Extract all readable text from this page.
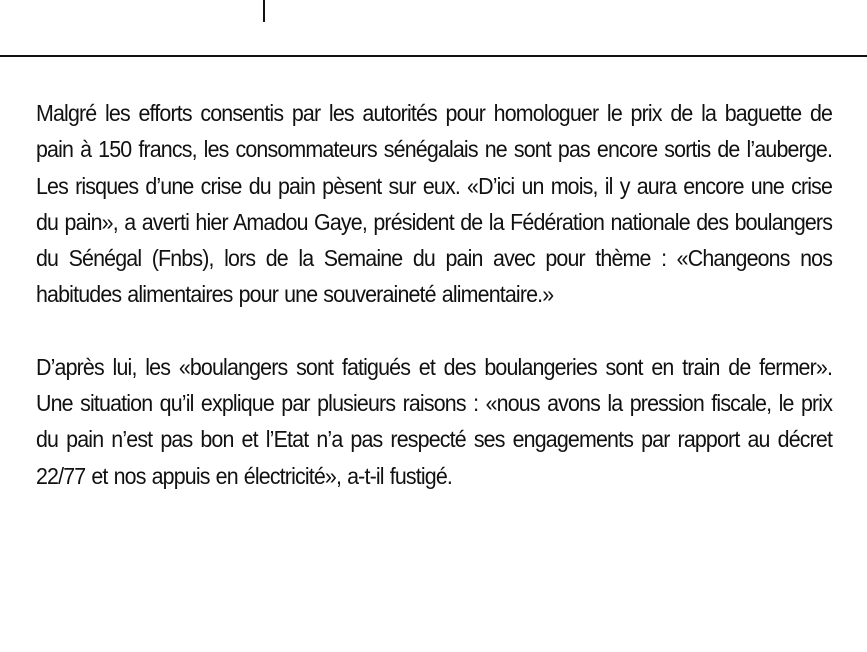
Malgré les efforts consentis par les autorités pour homologuer le prix de la baguette de pain à 150 francs, les consommateurs sénégalais ne sont pas encore sortis de l’auberge. Les risques d’une crise du pain pèsent sur eux. «D’ici un mois, il y aura encore une crise du pain», a averti hier Amadou Gaye, président de la Fédération nationale des boulangers du Sénégal (Fnbs), lors de la Semaine du pain avec pour thème : «Changeons nos habitudes alimentaires pour une souveraineté alimentaire.»

D’après lui, les «boulangers sont fatigués et des boulangeries sont en train de fermer». Une situation qu’il explique par plusieurs raisons : «nous avons la pression fiscale, le prix du pain n’est pas bon et l’Etat n’a pas respecté ses engagements par rapport au décret 22/77 et nos appuis en électricité», a-t-il fustigé.
